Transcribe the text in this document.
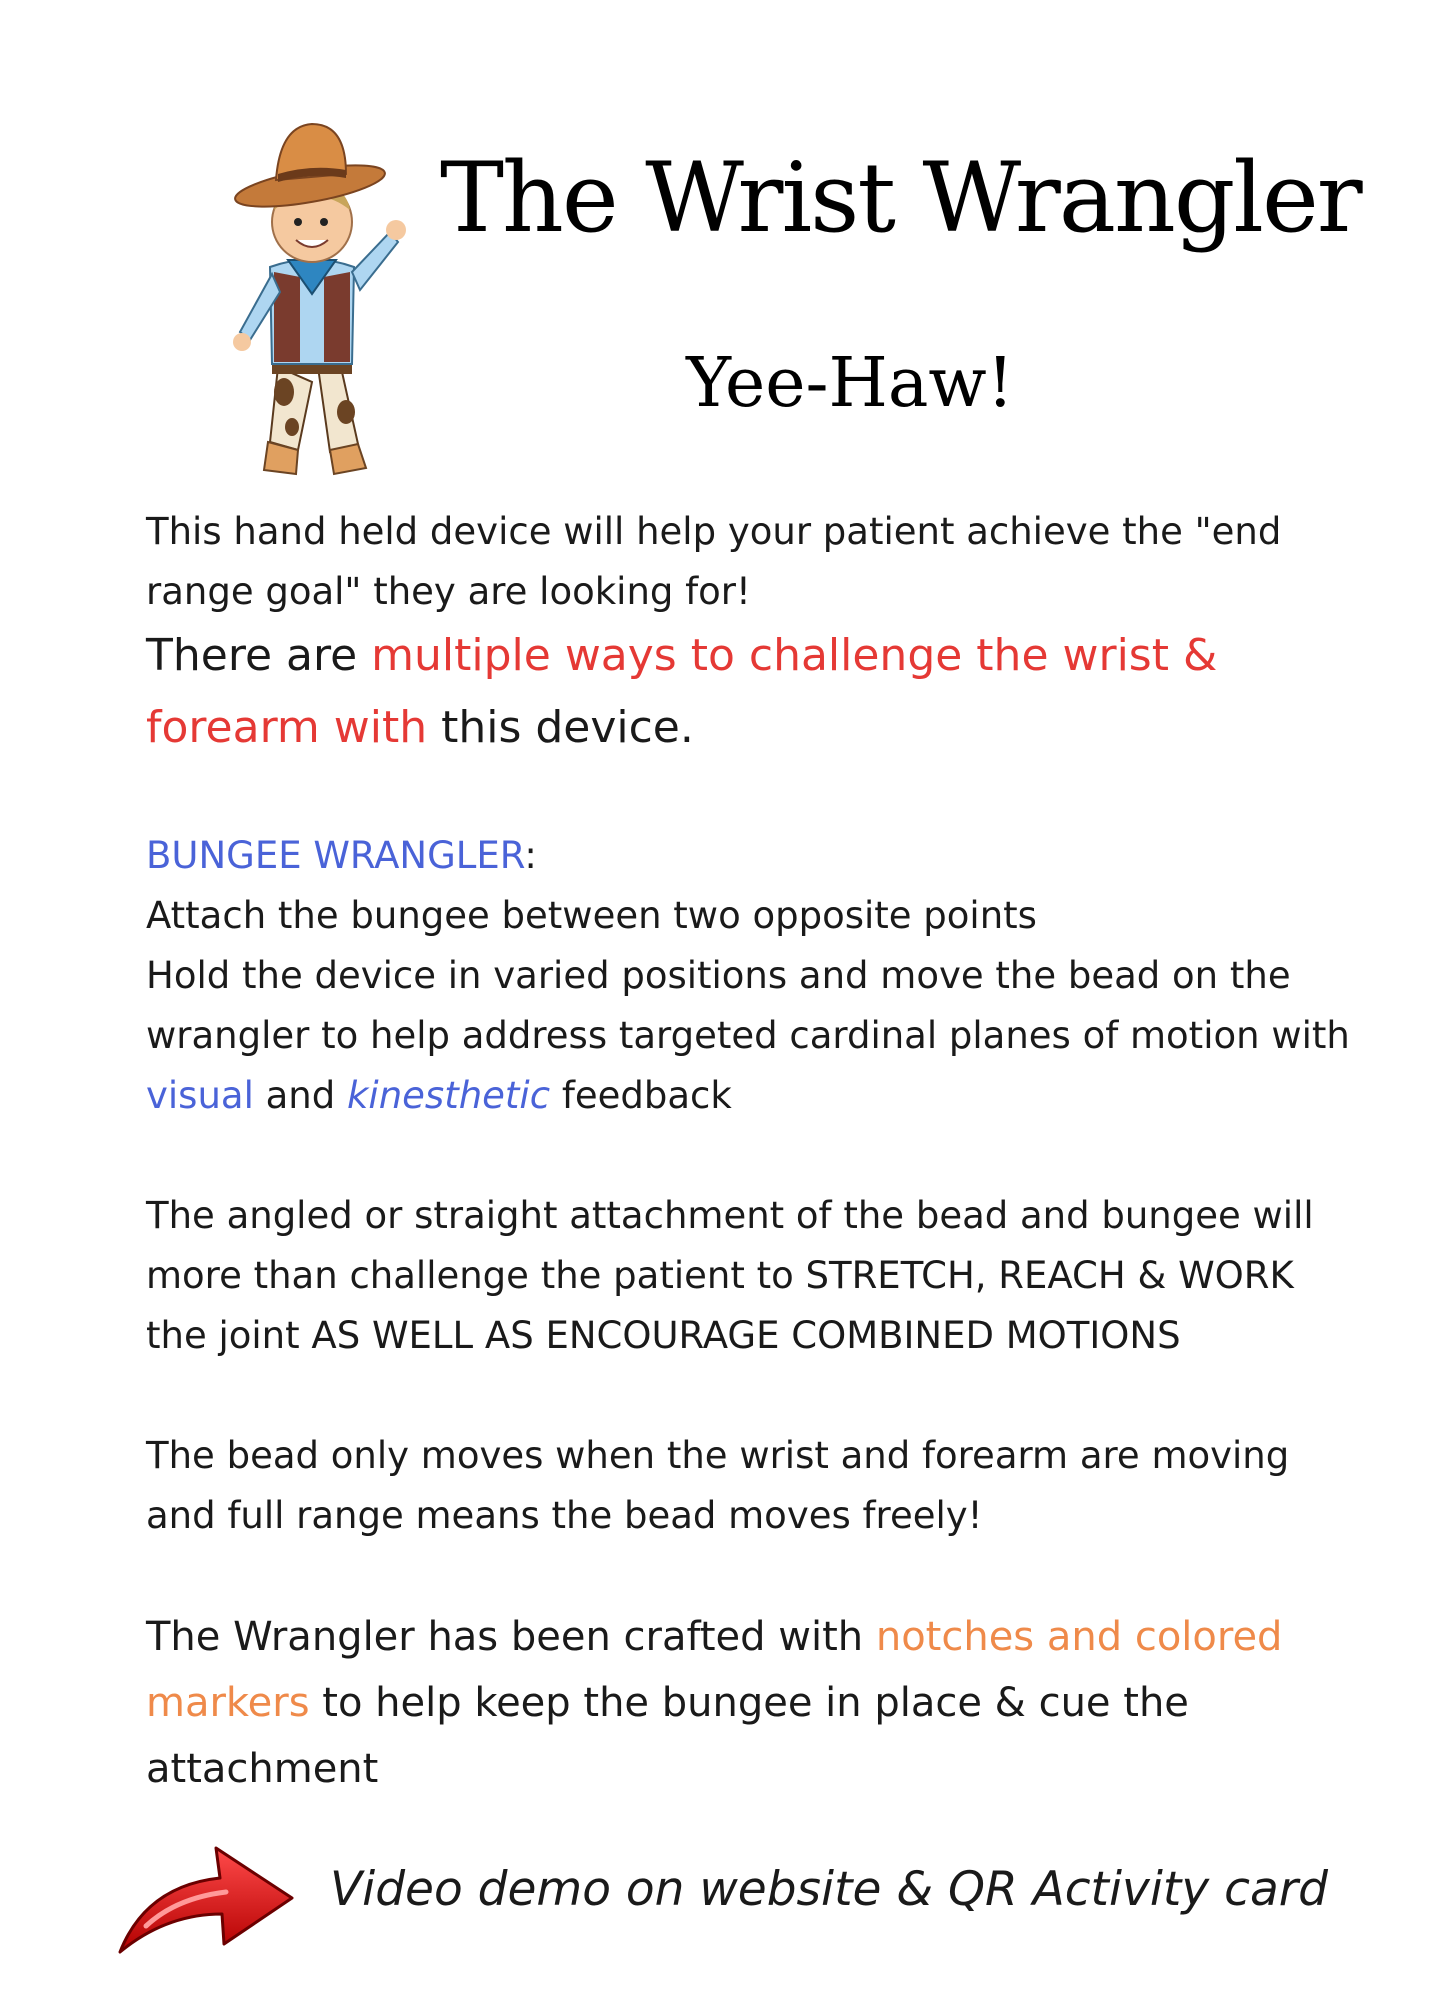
The Wrist Wrangler
Yee-Haw!

This hand held device will help your patient achieve the "end range goal" they are looking for!

There are multiple ways to challenge the wrist & forearm with this device.

BUNGEE WRANGLER:

Attach the bungee between two opposite points

Hold the device in varied positions and move the bead on the wrangler to help address targeted cardinal planes of motion with visual and kinesthetic feedback

The angled or straight attachment of the bead and bungee will more than challenge the patient to STRETCH, REACH & WORK the joint AS WELL AS ENCOURAGE COMBINED MOTIONS

The bead only moves when the wrist and forearm are moving and full range means the bead moves freely!

The Wrangler has been crafted with notches and colored markers to help keep the bungee in place & cue the attachment

Video demo on website & QR Activity card
